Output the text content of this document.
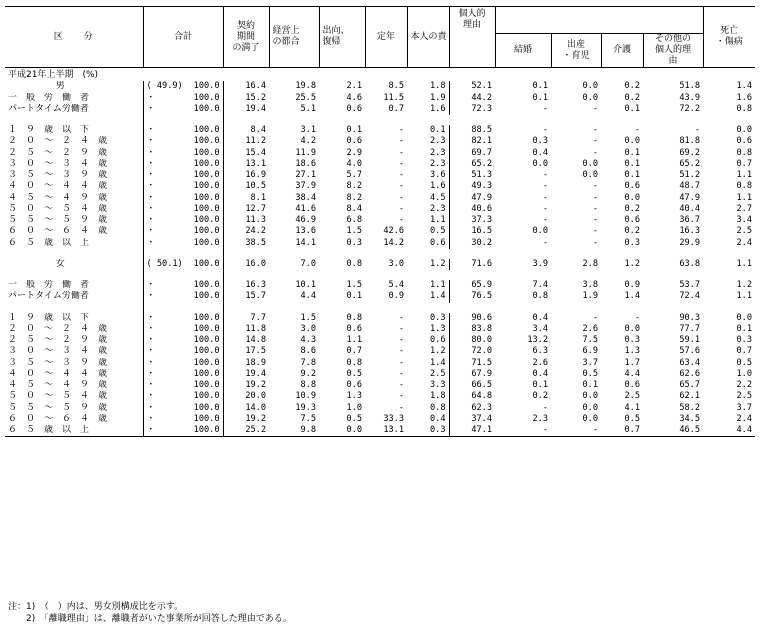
区　　分	合計		契約
期間
の満了	経営上
の都合	出向、
復帰	定年	本人の責	個人的
理由					死亡
・傷病
									結婚	出産
・育児	介護	その他の
個人的理
由	
平成21年上半期　(%)													
男	( 49.9)	100.0	16.4	19.8	2.1	8.5	1.8	52.1	0.1	0.0	0.2	51.8	1.4
一　般　労　働　者	・	100.0	15.2	25.5	4.6	11.5	1.9	44.2	0.1	0.0	0.2	43.9	1.6
パートタイム労働者	・	100.0	19.4	5.1	0.6	0.7	1.6	72.3	-	-	0.1	72.2	0.8

１　９　歳　以　下	・	100.0	8.4	3.1	0.1	-	0.1	88.5	-	-	-	-	0.0
２　０　～　２　４　歳	・	100.0	11.2	4.2	0.6	-	2.3	82.1	0.3	-	0.0	81.8	0.6
２　５　～　２　９　歳	・	100.0	15.4	11.9	2.9	-	2.3	69.7	0.4	-	0.1	69.2	0.8
３　０　～　３　４　歳	・	100.0	13.1	18.6	4.0	-	2.3	65.2	0.0	0.0	0.1	65.2	0.7
３　５　～　３　９　歳	・	100.0	16.9	27.1	5.7	-	3.6	51.3	-	0.0	0.1	51.2	1.1
４　０　～　４　４　歳	・	100.0	10.5	37.9	8.2	-	1.6	49.3	-	-	0.6	48.7	0.8
４　５　～　４　９　歳	・	100.0	8.1	38.4	8.2	-	4.5	47.9	-	-	0.0	47.9	1.1
５　０　～　５　４　歳	・	100.0	12.7	41.6	8.4	-	2.3	40.6	-	-	0.2	40.4	2.7
５　５　～　５　９　歳	・	100.0	11.3	46.9	6.8	-	1.1	37.3	-	-	0.6	36.7	3.4
６　０　～　６　４　歳	・	100.0	24.2	13.6	1.5	42.6	0.5	16.5	0.0	-	0.2	16.3	2.5
６　５　歳　以　上	・	100.0	38.5	14.1	0.3	14.2	0.6	30.2	-	-	0.3	29.9	2.4

女	( 50.1)	100.0	16.0	7.0	0.8	3.0	1.2	71.6	3.9	2.8	1.2	63.8	1.1

一　般　労　働　者	・	100.0	16.3	10.1	1.5	5.4	1.1	65.9	7.4	3.8	0.9	53.7	1.2
パートタイム労働者	・	100.0	15.7	4.4	0.1	0.9	1.4	76.5	0.8	1.9	1.4	72.4	1.1

１　９　歳　以　下	・	100.0	7.7	1.5	0.8	-	0.3	90.6	0.4	-	-	90.3	0.0
２　０　～　２　４　歳	・	100.0	11.8	3.0	0.6	-	1.3	83.8	3.4	2.6	0.0	77.7	0.1
２　５　～　２　９　歳	・	100.0	14.8	4.3	1.1	-	0.6	80.0	13.2	7.5	0.3	59.1	0.3
３　０　～　３　４　歳	・	100.0	17.5	8.6	0.7	-	1.2	72.0	6.3	6.9	1.3	57.6	0.7
３　５　～　３　９　歳	・	100.0	18.9	7.8	0.8	-	1.4	71.5	2.6	3.7	1.7	63.4	0.5
４　０　～　４　４　歳	・	100.0	19.4	9.2	0.5	-	2.5	67.9	0.4	0.5	4.4	62.6	1.0
４　５　～　４　９　歳	・	100.0	19.2	8.8	0.6	-	3.3	66.5	0.1	0.1	0.6	65.7	2.2
５　０　～　５　４　歳	・	100.0	20.0	10.9	1.3	-	1.8	64.8	0.2	0.0	2.5	62.1	2.5
５　５　～　５　９　歳	・	100.0	14.0	19.3	1.0	-	0.8	62.3	-	0.0	4.1	58.2	3.7
６　０　～　６　４　歳	・	100.0	19.2	7.5	0.5	33.3	0.4	37.4	2.3	0.0	0.5	34.5	2.4
６　５　歳　以　上	・	100.0	25.2	9.8	0.0	13.1	0.3	47.1	-	-	0.7	46.5	4.4
注：1)　（　）内は、男女別構成比を示す。
　　2)　「離職理由」は、離職者がいた事業所が回答した理由である。
